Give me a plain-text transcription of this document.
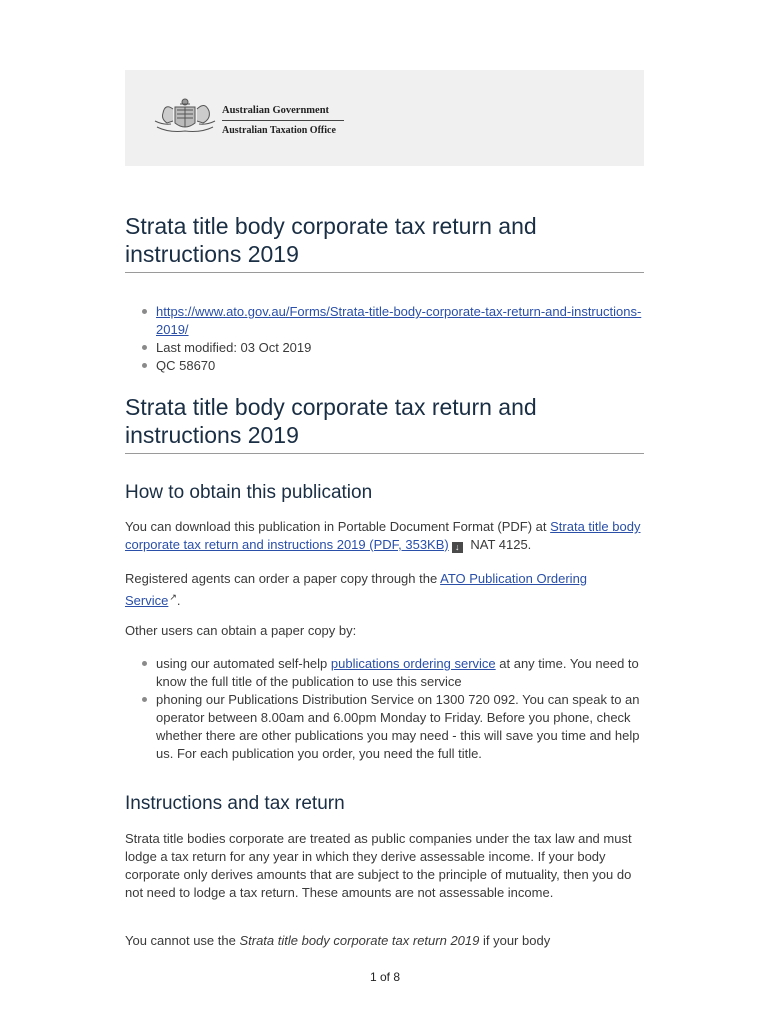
Australian Government
Australian Taxation Office
Strata title body corporate tax return and instructions 2019
https://www.ato.gov.au/Forms/Strata-title-body-corporate-tax-return-and-instructions-2019/
Last modified: 03 Oct 2019
QC 58670
Strata title body corporate tax return and instructions 2019
How to obtain this publication

You can download this publication in Portable Document Format (PDF) at Strata title body corporate tax return and instructions 2019 (PDF, 353KB) ↓ NAT 4125.

Registered agents can order a paper copy through the ATO Publication Ordering Service↗.

Other users can obtain a paper copy by:

using our automated self-help publications ordering service at any time. You need to know the full title of the publication to use this service
phoning our Publications Distribution Service on 1300 720 092. You can speak to an operator between 8.00am and 6.00pm Monday to Friday. Before you phone, check whether there are other publications you may need - this will save you time and help us. For each publication you order, you need the full title.
Instructions and tax return

Strata title bodies corporate are treated as public companies under the tax law and must lodge a tax return for any year in which they derive assessable income. If your body corporate only derives amounts that are subject to the principle of mutuality, then you do not need to lodge a tax return. These amounts are not assessable income.

You cannot use the Strata title body corporate tax return 2019 if your body

1 of 8
